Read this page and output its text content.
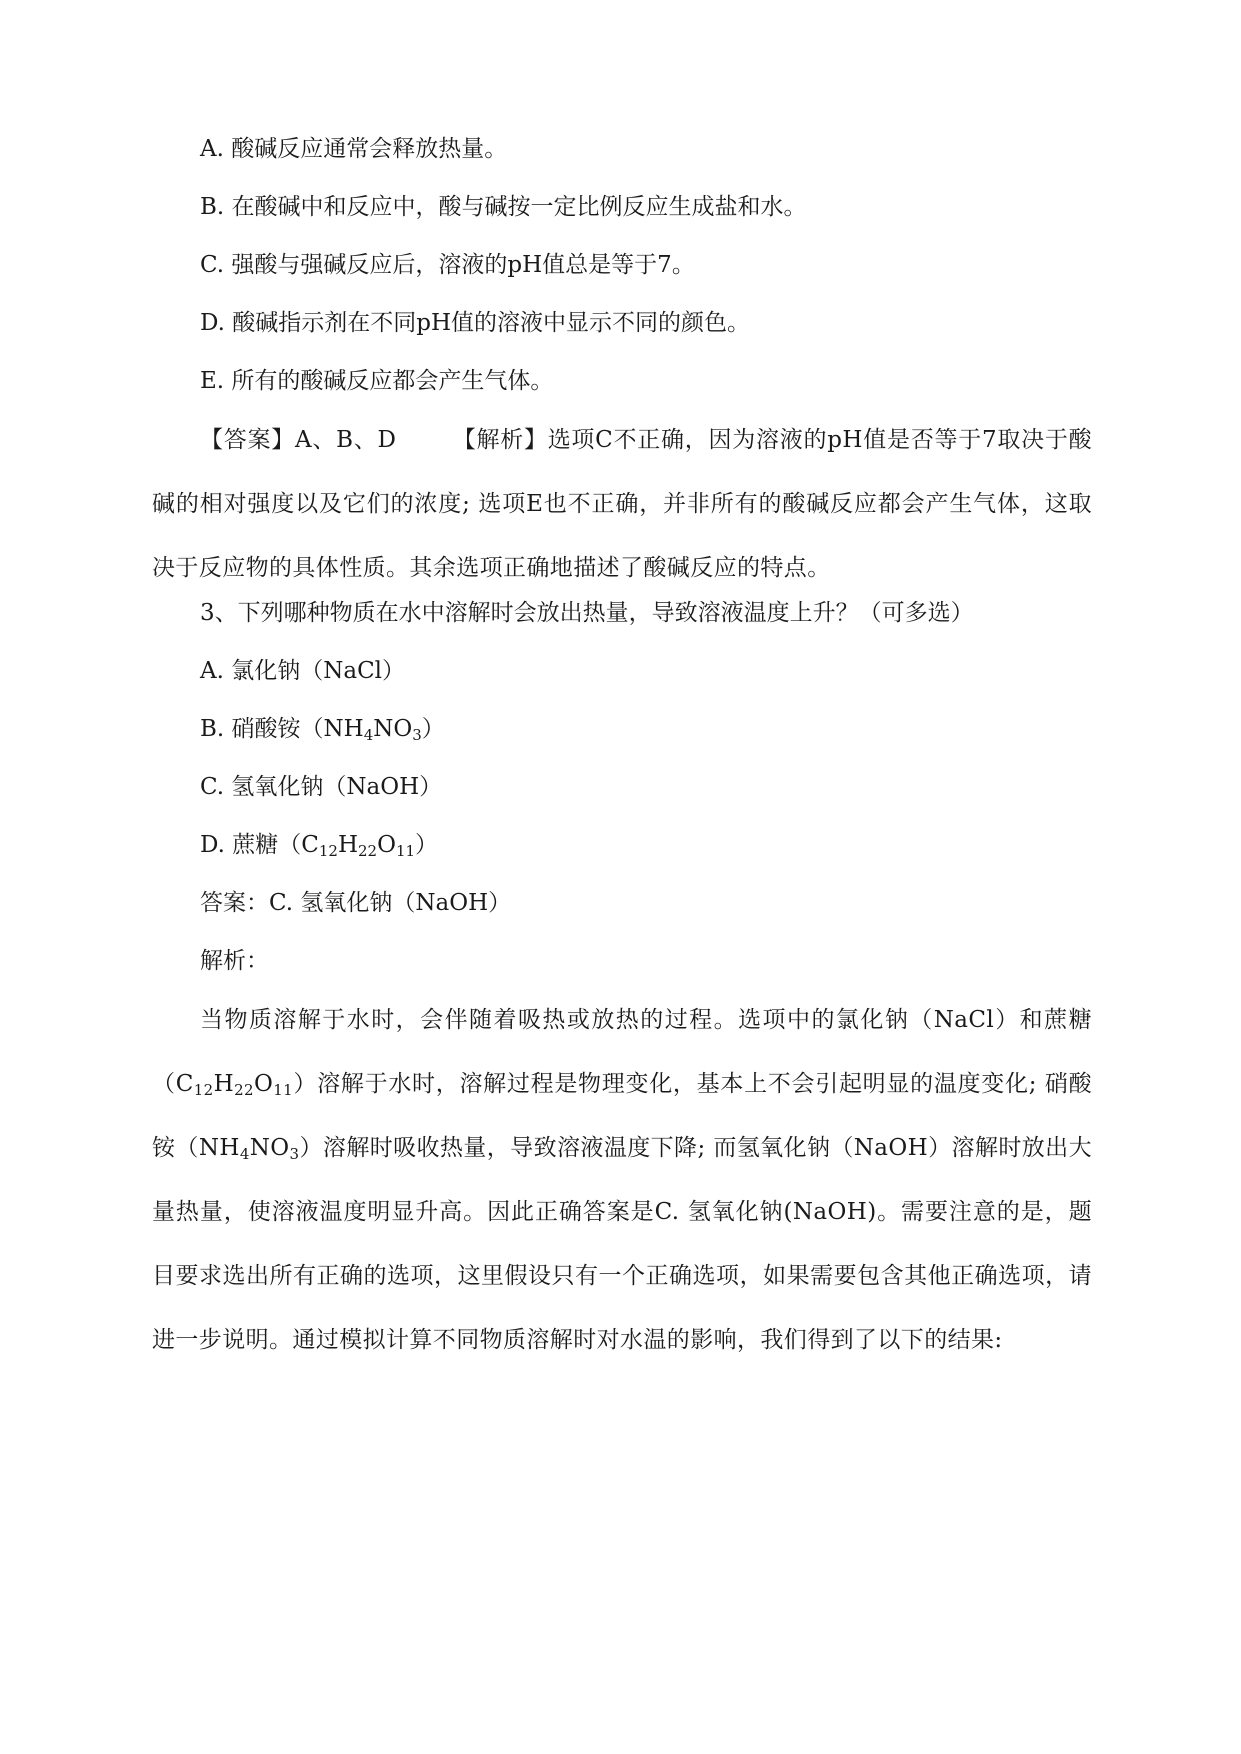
A. 酸碱反应通常会释放热量。
B. 在酸碱中和反应中，酸与碱按一定比例反应生成盐和水。
C. 强酸与强碱反应后，溶液的pH值总是等于7。
D. 酸碱指示剂在不同pH值的溶液中显示不同的颜色。
E. 所有的酸碱反应都会产生气体。
【答案】A、B、D 【解析】选项C不正确，因为溶液的pH值是否等于7取决于酸碱的相对强度以及它们的浓度; 选项E也不正确，并非所有的酸碱反应都会产生气体，这取决于反应物的具体性质。其余选项正确地描述了酸碱反应的特点。
3、下列哪种物质在水中溶解时会放出热量，导致溶液温度上升？（可多选）
A. 氯化钠（NaCl）
B. 硝酸铵$(NH_4NO_3)$
C. 氢氧化钠（NaOH）
D. 蔗糖$(C_{12}H_{22}O_{11})$
答案：C. 氢氧化钠（NaOH）
解析：
当物质溶解于水时，会伴随着吸热或放热的过程。选项中的氯化钠（NaCl）和蔗糖$(C_{12}H_{22}O_{11})$溶解于水时，溶解过程是物理变化，基本上不会引起明显的温度变化; 硝酸铵$(NH_4NO_3)$溶解时吸收热量，导致溶液温度下降; 而氢氧化钠（NaOH）溶解时放出大量热量，使溶液温度明显升高。因此正确答案是C. 氢氧化钠(NaOH)。需要注意的是，题目要求选出所有正确的选项，这里假设只有一个正确选项，如果需要包含其他正确选项，请进一步说明。通过模拟计算不同物质溶解时对水温的影响，我们得到了以下的结果:
